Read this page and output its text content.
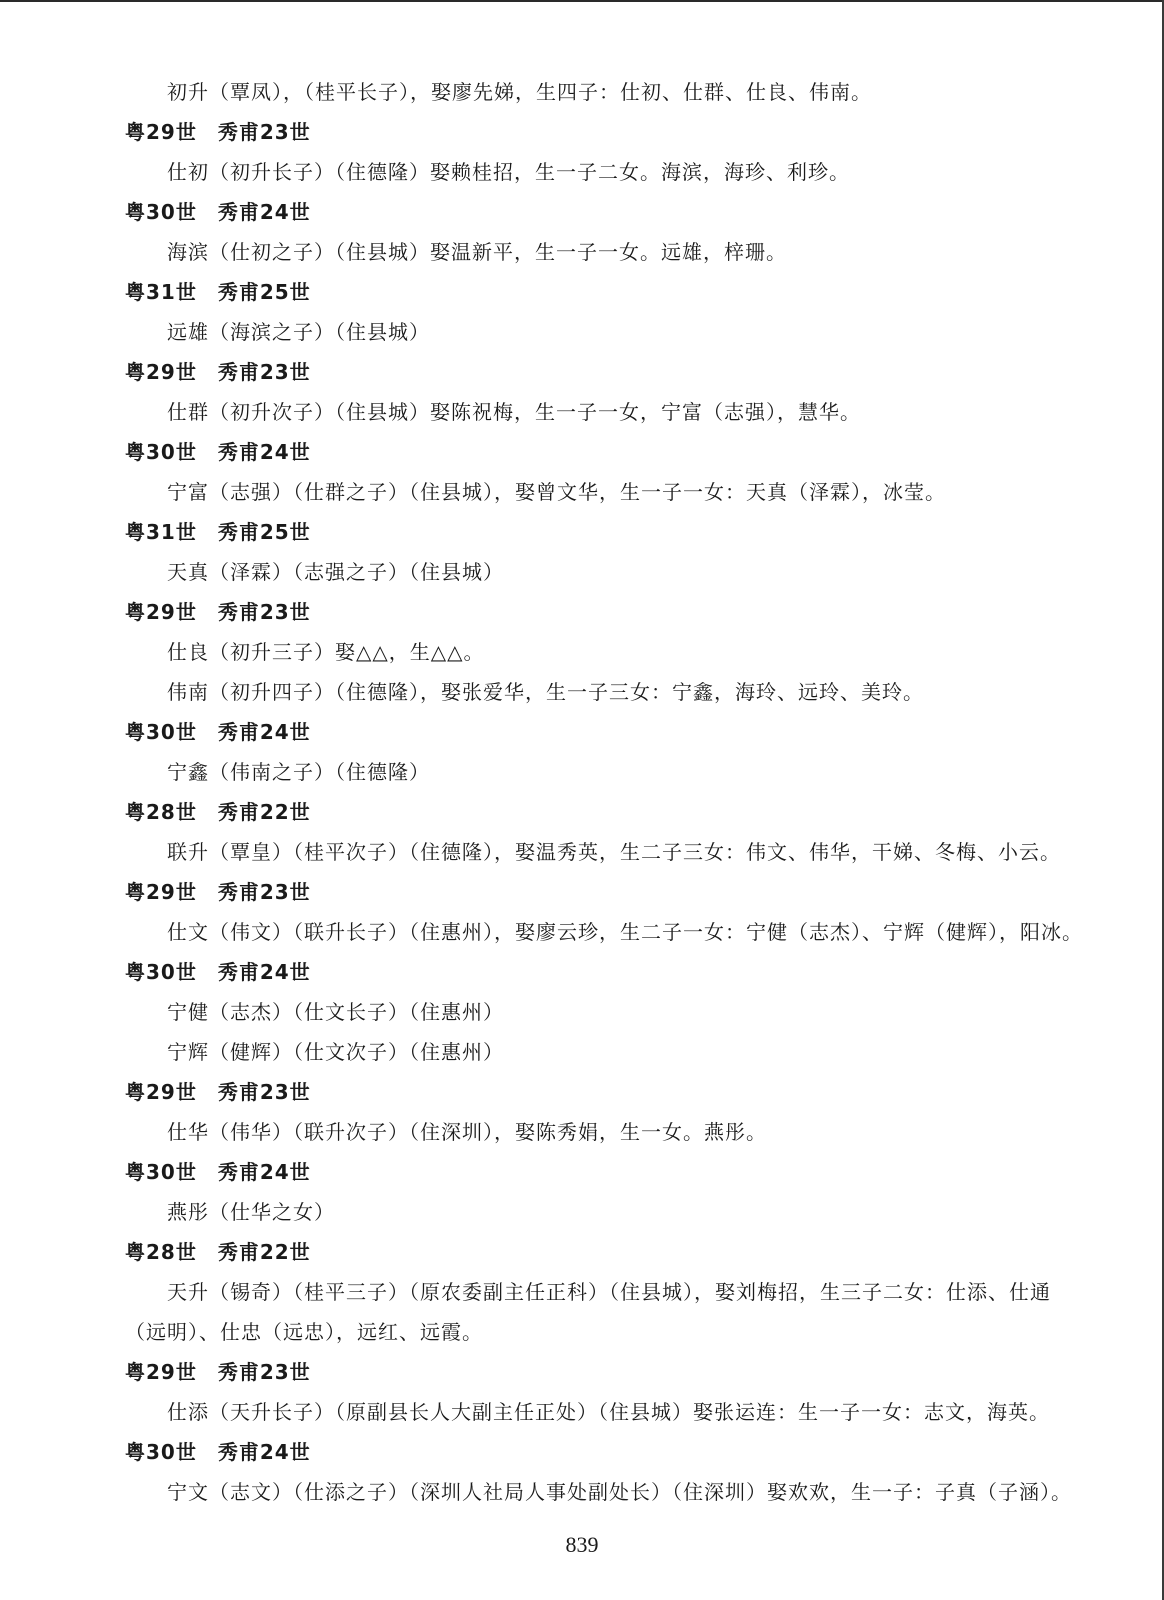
初升（覃凤），（桂平长子），娶廖先娣，生四子：仕初、仕群、仕良、伟南。
粤29世　秀甫23世
仕初（初升长子）（住德隆）娶赖桂招，生一子二女。海滨，海珍、利珍。
粤30世　秀甫24世
海滨（仕初之子）（住县城）娶温新平，生一子一女。远雄，梓珊。
粤31世　秀甫25世
远雄（海滨之子）（住县城）
粤29世　秀甫23世
仕群（初升次子）（住县城）娶陈祝梅，生一子一女，宁富（志强），慧华。
粤30世　秀甫24世
宁富（志强）（仕群之子）（住县城），娶曾文华，生一子一女：天真（泽霖），冰莹。
粤31世　秀甫25世
天真（泽霖）（志强之子）（住县城）
粤29世　秀甫23世
仕良（初升三子）娶△△，生△△。
伟南（初升四子）（住德隆），娶张爱华，生一子三女：宁鑫，海玲、远玲、美玲。
粤30世　秀甫24世
宁鑫（伟南之子）（住德隆）
粤28世　秀甫22世
联升（覃皇）（桂平次子）（住德隆），娶温秀英，生二子三女：伟文、伟华，干娣、冬梅、小云。
粤29世　秀甫23世
仕文（伟文）（联升长子）（住惠州），娶廖云珍，生二子一女：宁健（志杰）、宁辉（健辉），阳冰。
粤30世　秀甫24世
宁健（志杰）（仕文长子）（住惠州）
宁辉（健辉）（仕文次子）（住惠州）
粤29世　秀甫23世
仕华（伟华）（联升次子）（住深圳），娶陈秀娟，生一女。燕彤。
粤30世　秀甫24世
燕彤（仕华之女）
粤28世　秀甫22世
天升（锡奇）（桂平三子）（原农委副主任正科）（住县城），娶刘梅招，生三子二女：仕添、仕通
（远明）、仕忠（远忠），远红、远霞。
粤29世　秀甫23世
仕添（天升长子）（原副县长人大副主任正处）（住县城）娶张运连：生一子一女：志文，海英。
粤30世　秀甫24世
宁文（志文）（仕添之子）（深圳人社局人事处副处长）（住深圳）娶欢欢，生一子：子真（子涵）。
839
